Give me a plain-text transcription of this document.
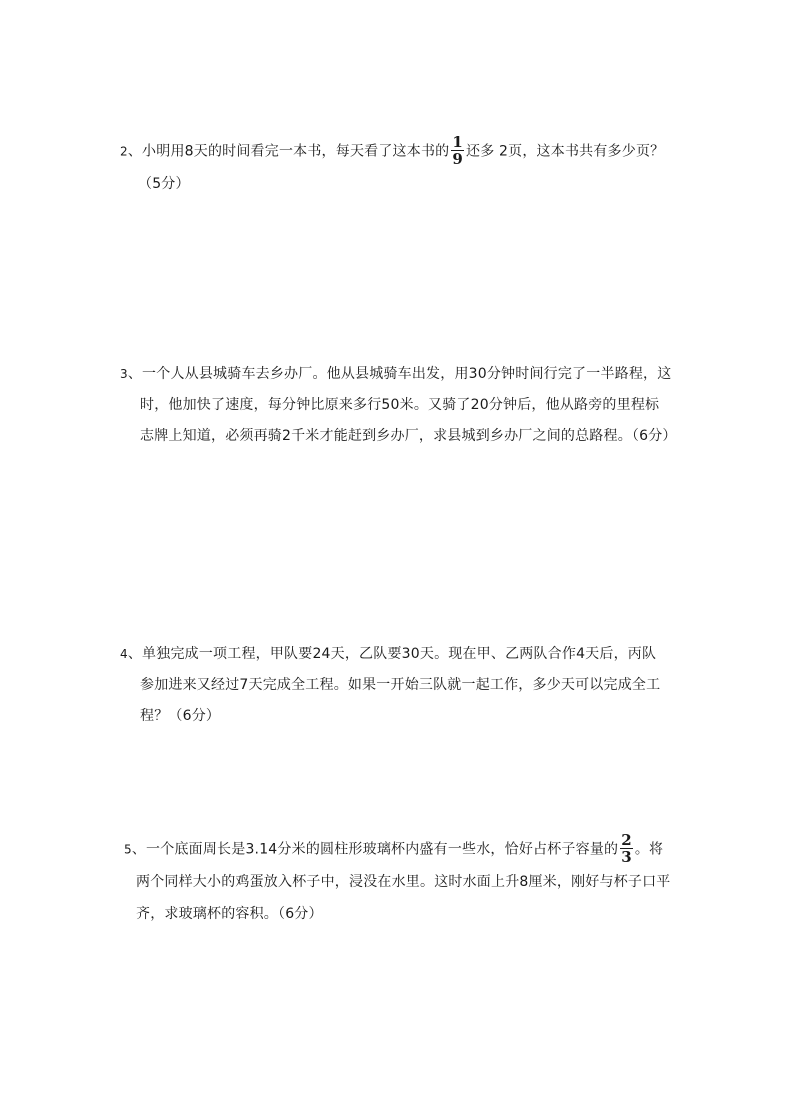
2、小明用8天的时间看完一本书，每天看了这本书的 $\frac{1}{9}$ 还多 2页，这本书共有多少页？
（5分）
3、一个人从县城骑车去乡办厂。他从县城骑车出发，用30分钟时间行完了一半路程，这
时，他加快了速度，每分钟比原来多行50米。又骑了20分钟后，他从路旁的里程标
志牌上知道，必须再骑2千米才能赶到乡办厂，求县城到乡办厂之间的总路程。（6分）
4、单独完成一项工程，甲队要24天，乙队要30天。现在甲、乙两队合作4天后，丙队
参加进来又经过7天完成全工程。如果一开始三队就一起工作，多少天可以完成全工
程？（6分）
5、一个底面周长是3.14分米的圆柱形玻璃杯内盛有一些水，恰好占杯子容量的 $\frac{2}{3}$ 。将
两个同样大小的鸡蛋放入杯子中，浸没在水里。这时水面上升8厘米，刚好与杯子口平
齐，求玻璃杯的容积。（6分）
